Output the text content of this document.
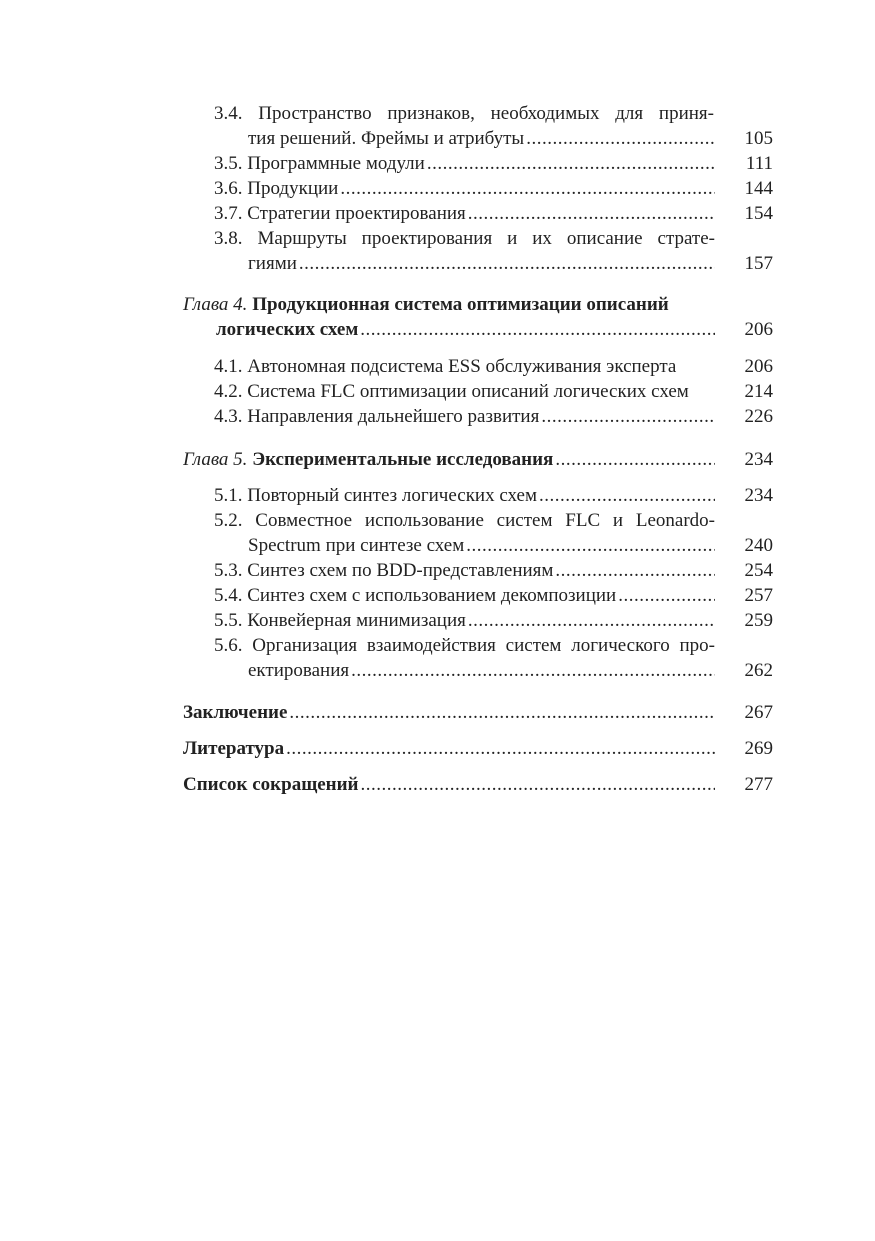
3.4. Пространство признаков, необходимых для приня-
тия решений. Фреймы и атрибуты .....	105
3.5. Программные модули .....	111
3.6. Продукции .....	144
3.7. Стратегии проектирования .....	154
3.8. Маршруты проектирования и их описание страте-
гиями .....	157
Глава 4. Продукционная система оптимизации описаний
логических схем .....	206
4.1. Автономная подсистема ESS обслуживания эксперта	206
4.2. Система FLC оптимизации описаний логических схем	214
4.3. Направления дальнейшего развития .....	226
Глава 5. Экспериментальные исследования .....	234
5.1. Повторный синтез логических схем .....	234
5.2. Совместное использование систем FLC и Leonardo-
Spectrum при синтезе схем .....	240
5.3. Синтез схем по BDD-представлениям .....	254
5.4. Синтез схем с использованием декомпозиции .....	257
5.5. Конвейерная минимизация .....	259
5.6. Организация взаимодействия систем логического про-
ектирования .....	262
Заключение .....	267
Литература .....	269
Список сокращений .....	277
